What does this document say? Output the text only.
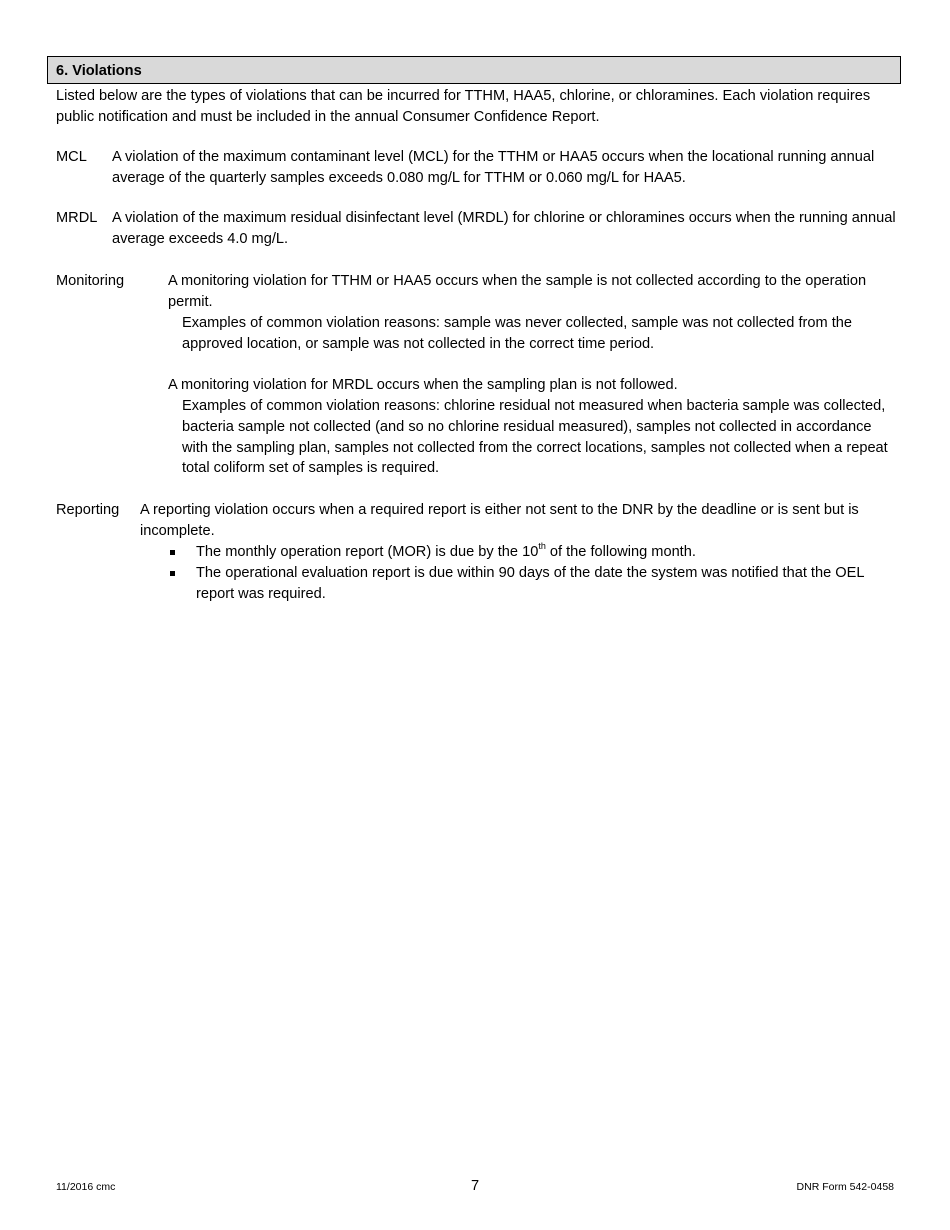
6. Violations
Listed below are the types of violations that can be incurred for TTHM, HAA5, chlorine, or chloramines. Each violation requires public notification and must be included in the annual Consumer Confidence Report.
MCL A violation of the maximum contaminant level (MCL) for the TTHM or HAA5 occurs when the locational running annual average of the quarterly samples exceeds 0.080 mg/L for TTHM or 0.060 mg/L for HAA5.
MRDL A violation of the maximum residual disinfectant level (MRDL) for chlorine or chloramines occurs when the running annual average exceeds 4.0 mg/L.
Monitoring	A monitoring violation for TTHM or HAA5 occurs when the sample is not collected according to the operation permit.
Examples of common violation reasons: sample was never collected, sample was not collected from the approved location, or sample was not collected in the correct time period.
A monitoring violation for MRDL occurs when the sampling plan is not followed.
Examples of common violation reasons: chlorine residual not measured when bacteria sample was collected, bacteria sample not collected (and so no chlorine residual measured), samples not collected in accordance with the sampling plan, samples not collected from the correct locations, samples not collected when a repeat total coliform set of samples is required.
Reporting A reporting violation occurs when a required report is either not sent to the DNR by the deadline or is sent but is incomplete.
The monthly operation report (MOR) is due by the 10th of the following month.
The operational evaluation report is due within 90 days of the date the system was notified that the OEL report was required.
11/2016 cmc	7	DNR Form 542-0458
